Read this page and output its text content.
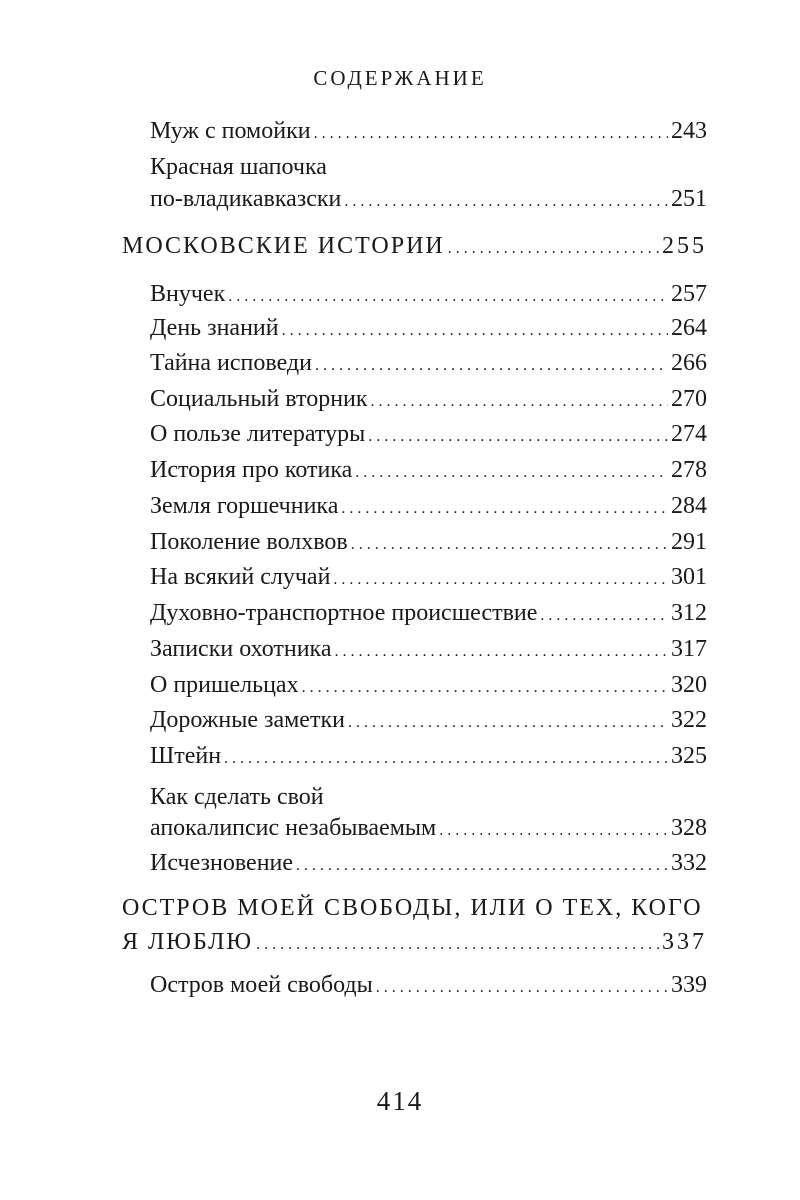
СОДЕРЖАНИЕ
Муж с помойки . . .	243
Красная шапочка
по-владикавказски . . .	251
МОСКОВСКИЕ ИСТОРИИ . . .	255
Внучек . . .	257
День знаний . . .	264
Тайна исповеди . . .	266
Социальный вторник . . .	270
О пользе литературы . . .	274
История про котика . . .	278
Земля горшечника . . .	284
Поколение волхвов . . .	291
На всякий случай . . .	301
Духовно-транспортное происшествие . . .	312
Записки охотника . . .	317
О пришельцах . . .	320
Дорожные заметки . . .	322
Штейн . . .	325
Как сделать свой
апокалипсис незабываемым . . .	328
Исчезновение . . .	332
ОСТРОВ МОЕЙ СВОБОДЫ, ИЛИ О ТЕХ, КОГО
Я ЛЮБЛЮ . . .	337
Остров моей свободы . . .	339
414
